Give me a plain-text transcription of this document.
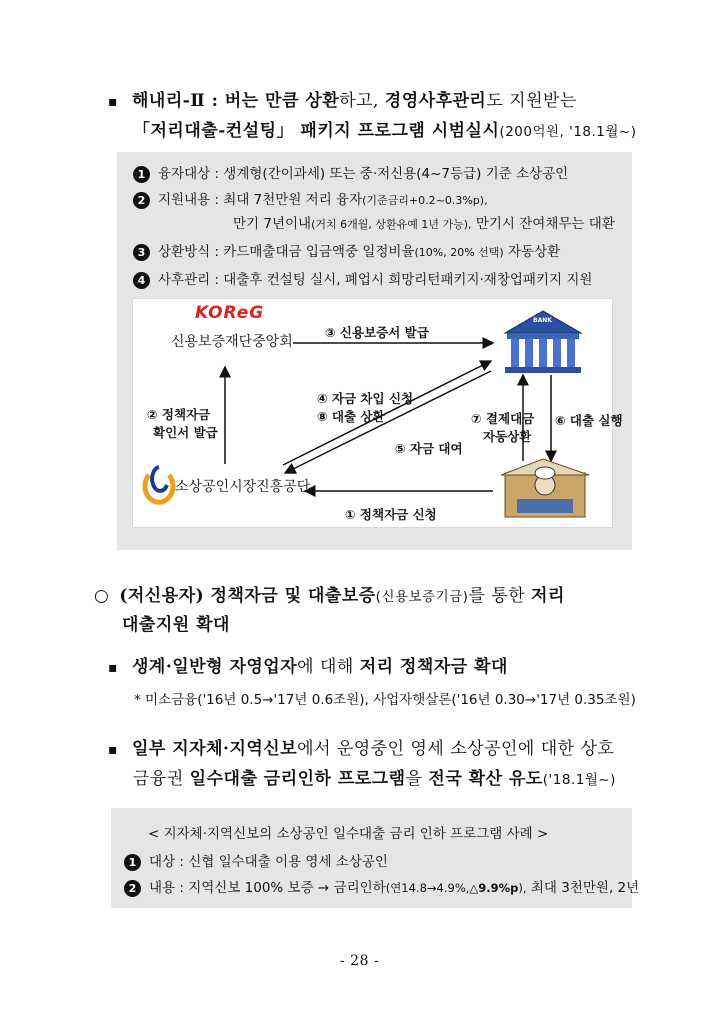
▪ 해내리-Ⅱ : 버는 만큼 상환하고, 경영사후관리도 지원받는
「저리대출-컨설팅」 패키지 프로그램 시범실시(200억원, '18.1월~)
1 융자대상 : 생계형(간이과세) 또는 중·저신용(4~7등급) 기준 소상공인
2 지원내용 : 최대 7천만원 저리 융자(기준금리+0.2~0.3%p),
만기 7년이내(거치 6개월, 상환유예 1년 가능), 만기시 잔여채무는 대환
3 상환방식 : 카드매출대금 입금액중 일정비율(10%, 20% 선택) 자동상환
4 사후관리 : 대출후 컨설팅 실시, 폐업시 희망리턴패키지·재창업패키지 지원
KOReG
신용보증재단중앙회
BANK
소상공인시장진흥공단
③ 신용보증서 발급
② 정책자금
확인서 발급
④ 자금 차입 신청
⑧ 대출 상환
⑤ 자금 대여
⑦ 결제대금
자동상환
⑥ 대출 실행
① 정책자금 신청
○ (저신용자) 정책자금 및 대출보증(신용보증기금)를 통한 저리
대출지원 확대
▪ 생계·일반형 자영업자에 대해 저리 정책자금 확대
* 미소금융('16년 0.5→'17년 0.6조원), 사업자햇살론('16년 0.30→'17년 0.35조원)
▪ 일부 지자체·지역신보에서 운영중인 영세 소상공인에 대한 상호
금융권 일수대출 금리인하 프로그램을 전국 확산 유도('18.1월~)
< 지자체·지역신보의 소상공인 일수대출 금리 인하 프로그램 사례 >
1 대상 : 신협 일수대출 이용 영세 소상공인
2 내용 : 지역신보 100% 보증 → 금리인하(연14.8→4.9%,△9.9%p), 최대 3천만원, 2년
- 28 -
